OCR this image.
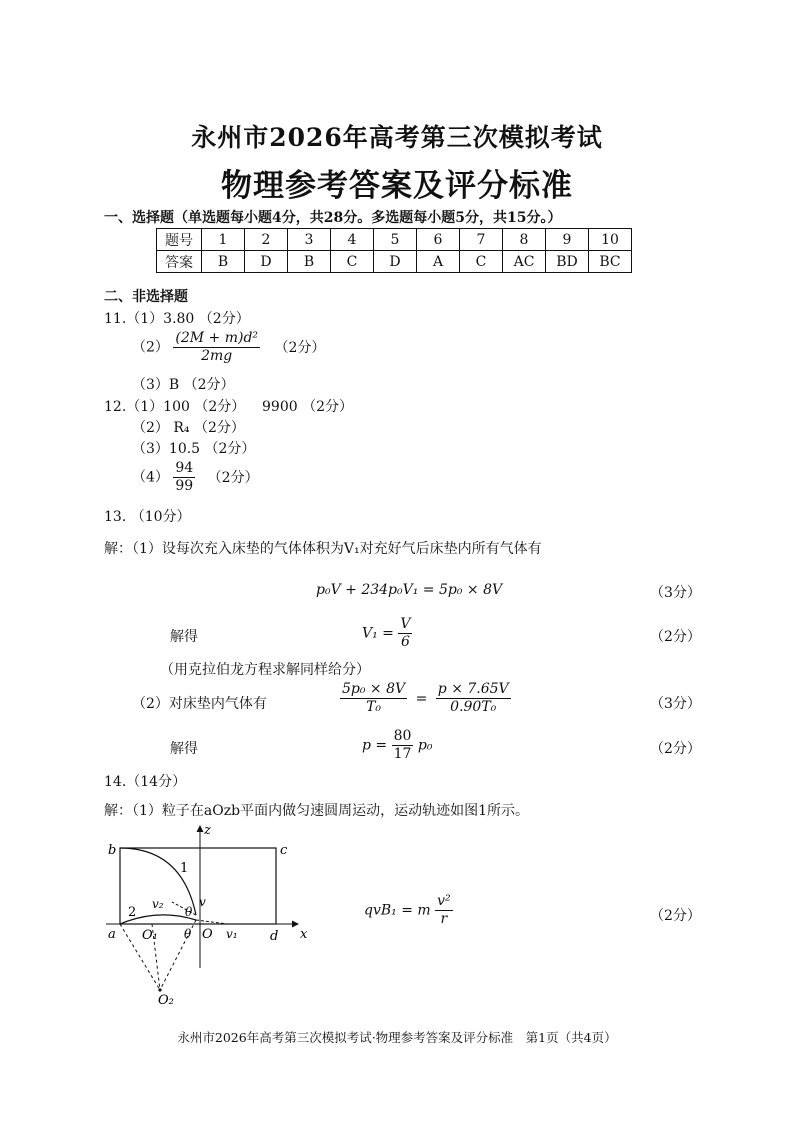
永州市2026年高考第三次模拟考试
物理参考答案及评分标准
一、选择题（单选题每小题4分，共28分。多选题每小题5分，共15分。）
题号	1	2	3	4	5	6	7	8	9	10
答案	B	D	B	C	D	A	C	AC	BD	BC
二、非选择题
11.（1）3.80 （2分）
$(2) \frac{\text{(2M + m)d²}}{2mg} (2$分）
（3）B （2分）
12.（1）100 （2分） 9900 （2分）
（2） R₄ （2分）
（3）10.5 （2分）
$(4) \frac{94}{99} (2$分）
13. （10分）
解：（1）设每次充入床垫的气体体积为V₁对充好气后床垫内所有气体有
p₀V + 234p₀V₁ = 5p₀ × 8V	（3分）
解得	$V_1 = \frac{V}{6}$	（2分）
（用克拉伯龙方程求解同样给分）
（2）对床垫内气体有	$\frac{\text{5p₀ × 8V}}{\text{T₀}} = \frac{p \times 7.65V}{\text{0.90T₀}}$	（3分）
解得	$p = \frac{80}{17} p_0$	（2分）
14.（14分）
解：（1）粒子在aOzb平面内做匀速圆周运动，运动轨迹如图1所示。
z
x
b	c
a	d
O
O₁
O₂
v
v₁
v₂
θ
θ
1
2	qvB₁ = m $\frac{\text{v²}}{r}$	（2分）
永州市2026年高考第三次模拟考试·物理参考答案及评分标准　第1页（共4页）
